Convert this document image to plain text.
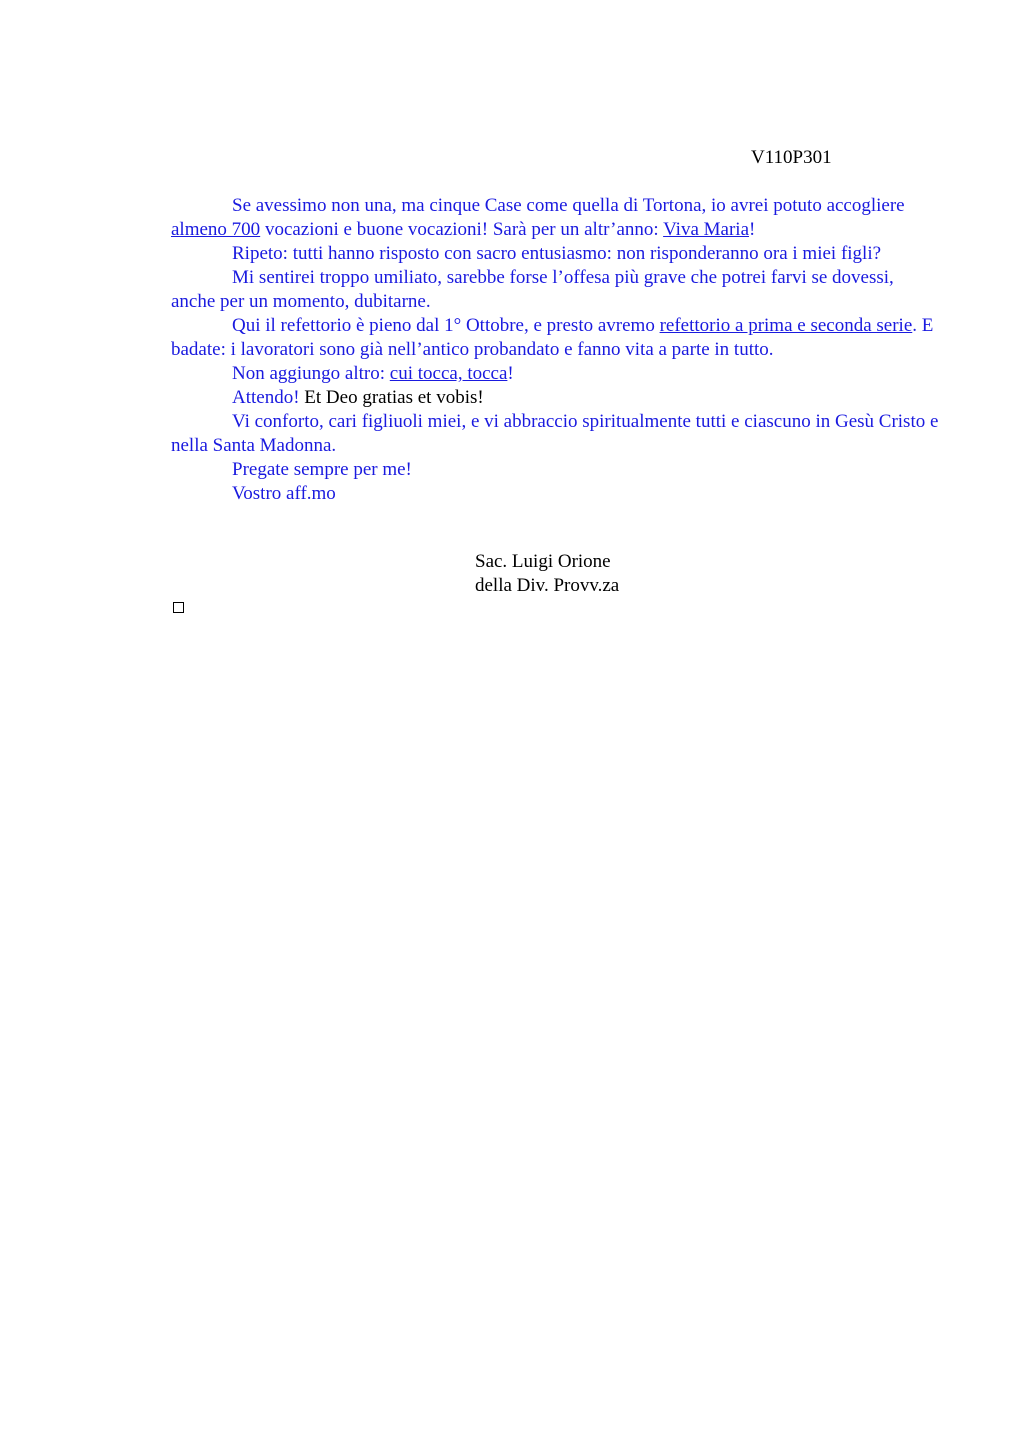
V110P301

Se avessimo non una, ma cinque Case come quella di Tortona, io avrei potuto accogliere almeno 700 vocazioni e buone vocazioni! Sarà per un altr’anno: Viva Maria!

Ripeto: tutti hanno risposto con sacro entusiasmo: non risponderanno ora i miei figli?

Mi sentirei troppo umiliato, sarebbe forse l’offesa più grave che potrei farvi se dovessi, anche per un momento, dubitarne.

Qui il refettorio è pieno dal 1° Ottobre, e presto avremo refettorio a prima e seconda serie. E badate: i lavoratori sono già nell’antico probandato e fanno vita a parte in tutto.

Non aggiungo altro: cui tocca, tocca!

Attendo! Et Deo gratias et vobis!

Vi conforto, cari figliuoli miei, e vi abbraccio spiritualmente tutti e ciascuno in Gesù Cristo e nella Santa Madonna.

Pregate sempre per me!

Vostro aff.mo

Sac. Luigi Orione
della Div. Provv.za
